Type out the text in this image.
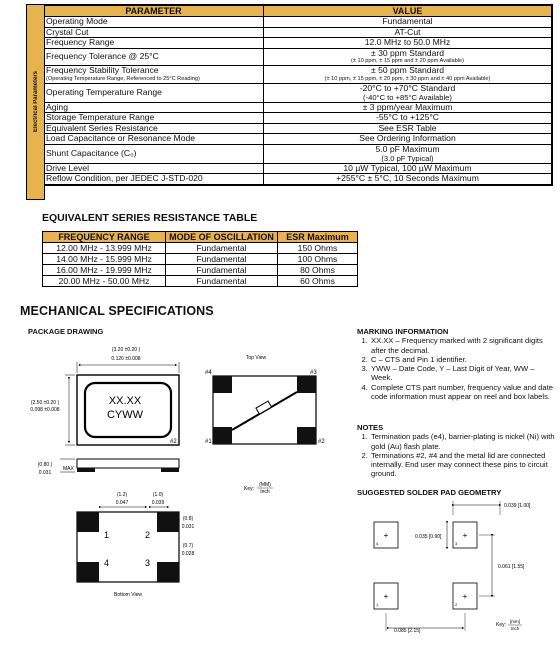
Electrical Parameters
PARAMETER	VALUE
Operating Mode	Fundamental
Crystal Cut	AT-Cut
Frequency Range	12.0 MHz to 50.0 MHz
Frequency Tolerance @ 25°C	± 30 ppm Standard
(± 10 ppm, ± 15 ppm and ± 20 ppm Available)

Frequency Stability Tolerance
(Operating Temperature Range, Referenced to 25°C Reading)	± 50 ppm Standard
(± 10 ppm, ± 15 ppm, ± 20 ppm, ± 30 ppm and ± 40 ppm Available)

Operating Temperature Range	-20°C to +70°C Standard
(-40°C to +85°C Available)

Aging	± 3 ppm/year Maximum
Storage Temperature Range	-55°C to +125°C
Equivalent Series Resistance	See ESR Table
Load Capacitance or Resonance Mode	See Ordering Information
Shunt Capacitance (C₀)	5.0 pF Maximum
(3.0 pF Typical)

Drive Level	10 µW Typical, 100 µW Maximum
Reflow Condition, per JEDEC J-STD-020	+255°C ± 5°C, 10 Seconds Maximum
EQUIVALENT SERIES RESISTANCE TABLE
FREQUENCY RANGE	MODE OF OSCILLATION	ESR Maximum
12.00 MHz - 13.999 MHz	Fundamental	150 Ohms
14.00 MHz - 15.999 MHz	Fundamental	100 Ohms
16.00 MHz - 19.999 MHz	Fundamental	80 Ohms
20.00 MHz - 50.00 MHz	Fundamental	60 Ohms
MECHANICAL SPECIFICATIONS
PACKAGE DRAWING
XX.XX
CYWW
#2
(3.20 ±0.20 )
0.126 ±0.008
(2.50 ±0.20 )
0.098 ±0.008
(0.80 )
0.031
MAX
Top View
#4	#3
#1	#2
Key:
(MM)
Inch
(1.2)
0.047
(1.0)
0.039
(0.8)
0.031
(0.7)
0.028
1	2
3
4
Bottom View
MARKING INFORMATION
1. XX.XX – Frequency marked with 2 significant digits after the decimal.
2. C – CTS and Pin 1 identifier.
3. YWW – Date Code, Y – Last Digit of Year, WW – Week.
4. Complete CTS part number, frequency value and date code information must appear on reel and box labels.
NOTES
1. Termination pads (e4), barrier-plating is nickel (Ni) with gold (Au) flash plate.
2. Terminations #2, #4 and the metal lid are connected internally. End user may connect these pins to circuit ground.
SUGGESTED SOLDER PAD GEOMETRY
0.039 [1.00]
+
4
+
3
+
1
+
2
0.035 [0.90]
0.061 [1.55]
0.085 [2.15]
Key:
[mm]
Inch
